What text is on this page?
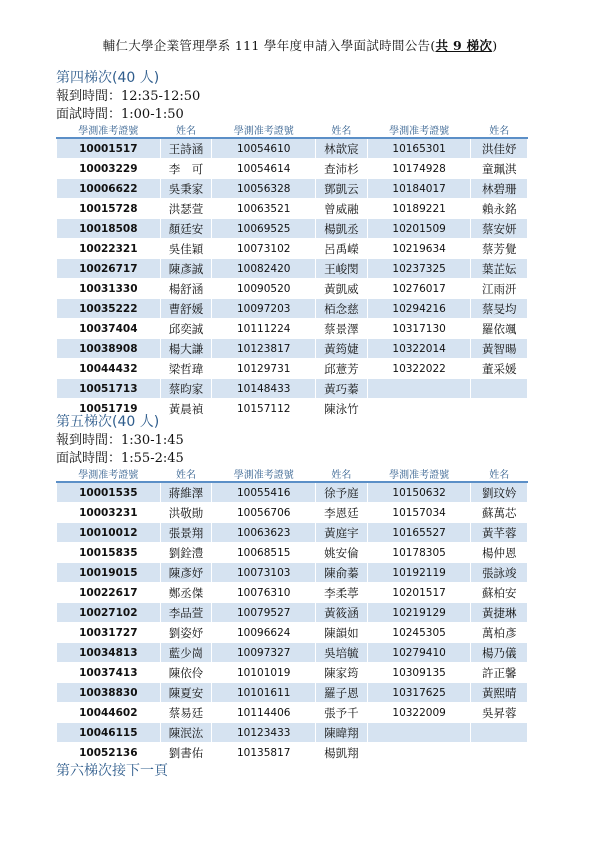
輔仁大學企業管理學系 111 學年度申請入學面試時間公告(共 9 梯次)
第四梯次(40 人)
報到時間：12:35-12:50
面試時間：1:00-1:50
學測准考證號	姓名	學測准考證號	姓名	學測准考證號	姓名
10001517	王詩涵	10054610	林歆宸	10165301	洪佳妤
10003229	李　可	10054614	查沛杉	10174928	童珮淇
10006622	吳秉家	10056328	鄧凱云	10184017	林碧珊
10015728	洪瑟萱	10063521	曾威融	10189221	賴永銘
10018508	顏廷安	10069525	楊凱丞	10201509	蔡安妍
10022321	吳佳穎	10073102	呂禹嶸	10219634	蔡芳覺
10026717	陳彥誠	10082420	王峻閔	10237325	葉芷妘
10031330	楊舒涵	10090520	黃凱威	10276017	江雨汧
10035222	曹舒媛	10097203	栢念慈	10294216	蔡旻均
10037404	邱奕誠	10111224	蔡景澤	10317130	羅依颯
10038908	楊大謙	10123817	黃筠婕	10322014	黃智暘
10044432	梁哲瑋	10129731	邱薏芳	10322022	董采媛
10051713	蔡昀家	10148433	黃巧蓁		
10051719	黃晨禎	10157112	陳泳竹		
第五梯次(40 人)
報到時間：1:30-1:45
面試時間：1:55-2:45
學測准考證號	姓名	學測准考證號	姓名	學測准考證號	姓名
10001535	蔣維澤	10055416	徐予庭	10150632	劉玟妗
10003231	洪敬勛	10056706	李恩廷	10157034	蘇萬芯
10010012	張景翔	10063623	黃庭宇	10165527	黃芊蓉
10015835	劉銓澧	10068515	姚安倫	10178305	楊仲恩
10019015	陳彥妤	10073103	陳俞蓁	10192119	張詠竣
10022617	鄭丞傑	10076310	李柔葶	10201517	蘇柏安
10027102	李品萱	10079527	黃筱涵	10219129	黃捷琳
10031727	劉姿妤	10096624	陳韻如	10245305	萬柏彥
10034813	藍少崗	10097327	吳培毓	10279410	楊乃儀
10037413	陳依伶	10101019	陳家筠	10309135	許正馨
10038830	陳夏安	10101611	羅子恩	10317625	黃熙晴
10044602	蔡易廷	10114406	張予千	10322009	吳昇蓉
10046115	陳泯汯	10123433	陳暐翔		
10052136	劉書佑	10135817	楊凱翔		
第六梯次接下一頁
